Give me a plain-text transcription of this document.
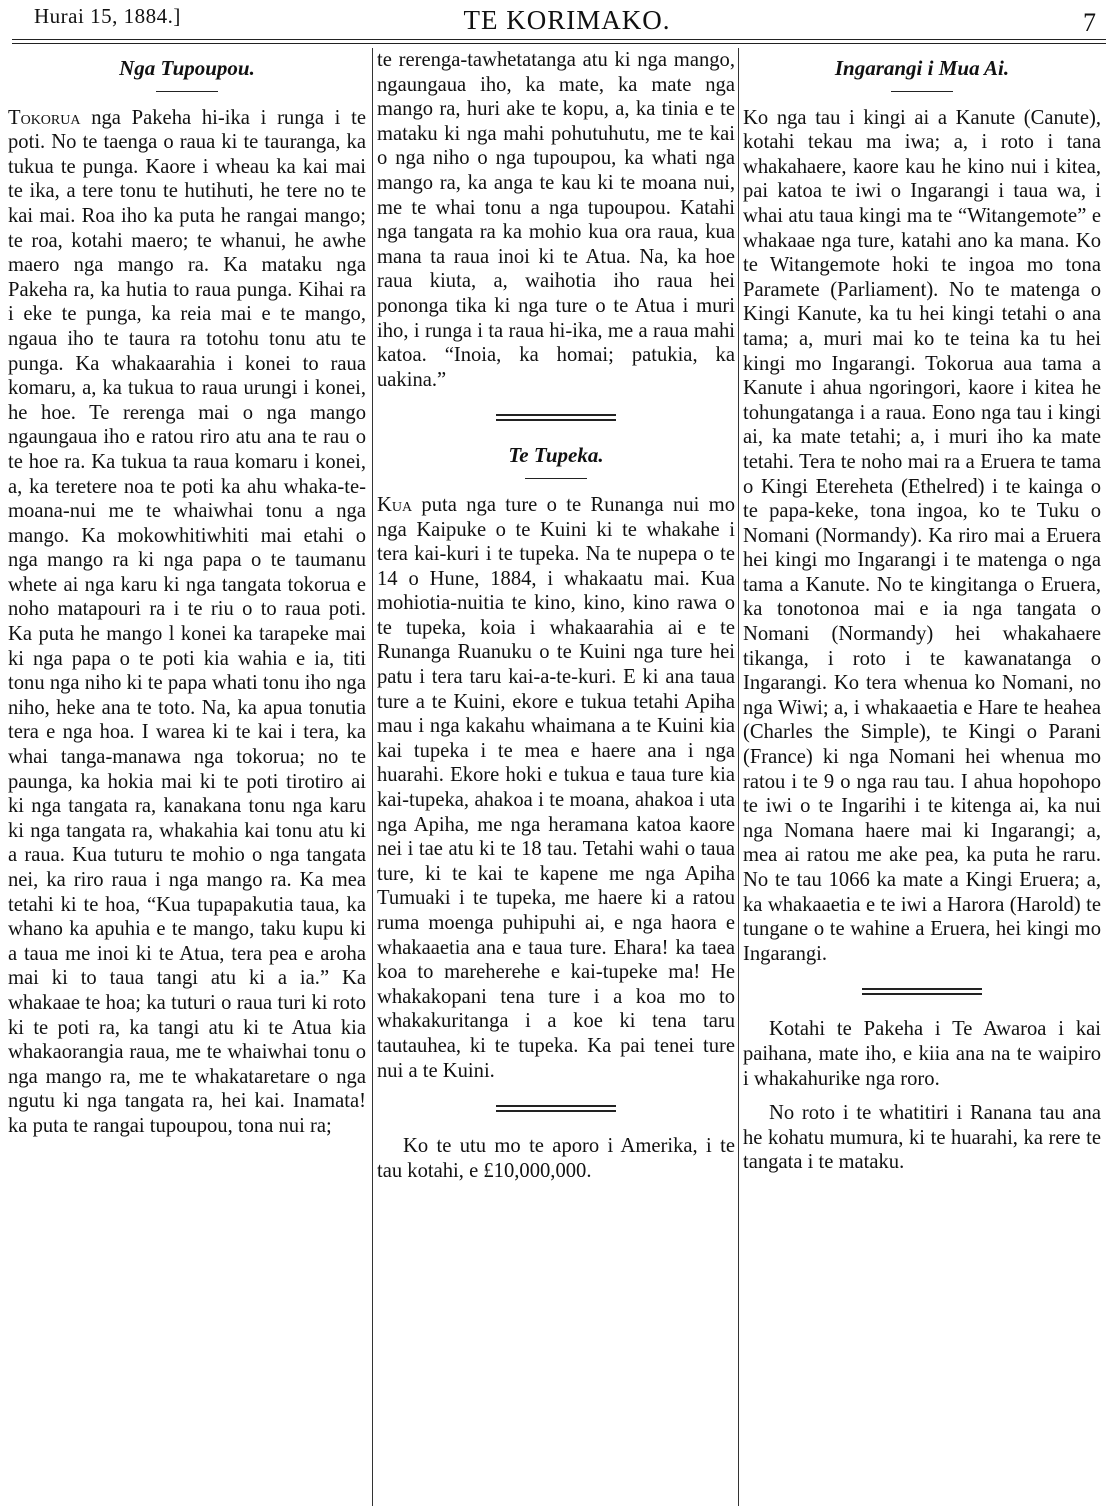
Hurai 15, 1884.]	TE KORIMAKO.	7
Nga Tupoupou.

Tokorua nga Pakeha hi-ika i runga i te poti. No te taenga o raua ki te tauranga, ka tukua te punga. Kaore i wheau ka kai mai te ika, a tere tonu te hutihuti, he tere no te kai mai. Roa iho ka puta he rangai mango; te roa, kotahi maero; te whanui, he awhe maero nga mango ra. Ka mataku nga Pakeha ra, ka hutia to raua punga. Kihai ra i eke te punga, ka reia mai e te mango, ngaua iho te taura ra totohu tonu atu te punga. Ka whakaarahia i konei to raua komaru, a, ka tukua to raua urungi i konei, he hoe. Te rerenga mai o nga mango ngaungaua iho e ratou riro atu ana te rau o te hoe ra. Ka tukua ta raua komaru i konei, a, ka teretere noa te poti ka ahu whaka-te-moana-nui me te whaiwhai tonu a nga mango. Ka mokowhitiwhiti mai etahi o nga mango ra ki nga papa o te taumanu whete ai nga karu ki nga tangata tokorua e noho matapouri ra i te riu o to raua poti. Ka puta he mango l konei ka tarapeke mai ki nga papa o te poti kia wahia e ia, titi tonu nga niho ki te papa whati tonu iho nga niho, heke ana te toto. Na, ka apua tonutia tera e nga hoa. I warea ki te kai i tera, ka whai tanga-manawa nga tokorua; no te paunga, ka hokia mai ki te poti tirotiro ai ki nga tangata ra, kanakana tonu nga karu ki nga tangata ra, whakahia kai tonu atu ki a raua. Kua tuturu te mohio o nga tangata nei, ka riro raua i nga mango ra. Ka mea tetahi ki te hoa, “Kua tupapakutia taua, ka whano ka apuhia e te mango, taku kupu ki a taua me inoi ki te Atua, tera pea e aroha mai ki to taua tangi atu ki a ia.” Ka whakaae te hoa; ka tuturi o raua turi ki roto ki te poti ra, ka tangi atu ki te Atua kia whakaorangia raua, me te whaiwhai tonu o nga mango ra, me te whakataretare o nga ngutu ki nga tangata ra, hei kai. Inamata! ka puta te rangai tupoupou, tona nui ra;

te rerenga-tawhetatanga atu ki nga mango, ngaungaua iho, ka mate, ka mate nga mango ra, huri ake te kopu, a, ka tinia e te mataku ki nga mahi pohutuhutu, me te kai o nga niho o nga tupoupou, ka whati nga mango ra, ka anga te kau ki te moana nui, me te whai tonu a nga tupoupou. Katahi nga tangata ra ka mohio kua ora raua, kua mana ta raua inoi ki te Atua. Na, ka hoe raua kiuta, a, waihotia iho raua hei pononga tika ki nga ture o te Atua i muri iho, i runga i ta raua hi-ika, me a raua mahi katoa. “Inoia, ka homai; patukia, ka uakina.”

Te Tupeka.

Kua puta nga ture o te Runanga nui mo nga Kaipuke o te Kuini ki te whakahe i tera kai-kuri i te tupeka. Na te nupepa o te 14 o Hune, 1884, i whakaatu mai. Kua mohiotia-nuitia te kino, kino, kino rawa o te tupeka, koia i whakaarahia ai e te Runanga Ruanuku o te Kuini nga ture hei patu i tera taru kai-a-te-kuri. E ki ana taua ture a te Kuini, ekore e tukua tetahi Apiha mau i nga kakahu whaimana a te Kuini kia kai tupeka i te mea e haere ana i nga huarahi. Ekore hoki e tukua e taua ture kia kai-tupeka, ahakoa i te moana, ahakoa i uta nga Apiha, me nga heramana katoa kaore nei i tae atu ki te 18 tau. Tetahi wahi o taua ture, ki te kai te kapene me nga Apiha Tumuaki i te tupeka, me haere ki a ratou ruma moenga puhipuhi ai, e nga haora e whakaaetia ana e taua ture. Ehara! ka taea koa to mareherehe e kai-tupeke ma! He whakakopani tena ture i a koa mo to whakakuritanga i a koe ki tena taru tautauhea, ki te tupeka. Ka pai tenei ture nui a te Kuini.

Ko te utu mo te aporo i Amerika, i te tau kotahi, e £10,000,000.

Ingarangi i Mua Ai.

Ko nga tau i kingi ai a Kanute (Canute), kotahi tekau ma iwa; a, i roto i tana whakahaere, kaore kau he kino nui i kitea, pai katoa te iwi o Ingarangi i taua wa, i whai atu taua kingi ma te “Witangemote” e whakaae nga ture, katahi ano ka mana. Ko te Witangemote hoki te ingoa mo tona Paramete (Parliament). No te matenga o Kingi Kanute, ka tu hei kingi tetahi o ana tama; a, muri mai ko te teina ka tu hei kingi mo Ingarangi. Tokorua aua tama a Kanute i ahua ngoringori, kaore i kitea he tohungatanga i a raua. Eono nga tau i kingi ai, ka mate tetahi; a, i muri iho ka mate tetahi. Tera te noho mai ra a Eruera te tama o Kingi Etereheta (Ethelred) i te kainga o te papa-keke, tona ingoa, ko te Tuku o Nomani (Normandy). Ka riro mai a Eruera hei kingi mo Ingarangi i te matenga o nga tama a Kanute. No te kingitanga o Eruera, ka tonotonoa mai e ia nga tangata o Nomani (Normandy) hei whakahaere tikanga, i roto i te kawanatanga o Ingarangi. Ko tera whenua ko Nomani, no nga Wiwi; a, i whakaaetia e Hare te heahea (Charles the Simple), te Kingi o Parani (France) ki nga Nomani hei whenua mo ratou i te 9 o nga rau tau. I ahua hopohopo te iwi o te Ingarihi i te kitenga ai, ka nui nga Nomana haere mai ki Ingarangi; a, mea ai ratou me ake pea, ka puta he raru. No te tau 1066 ka mate a Kingi Eruera; a, ka whakaaetia e te iwi a Harora (Harold) te tungane o te wahine a Eruera, hei kingi mo Ingarangi.

Kotahi te Pakeha i Te Awaroa i kai paihana, mate iho, e kiia ana na te waipiro i whakahurike nga roro.

No roto i te whatitiri i Ranana tau ana he kohatu mumura, ki te huarahi, ka rere te tangata i te mataku.
